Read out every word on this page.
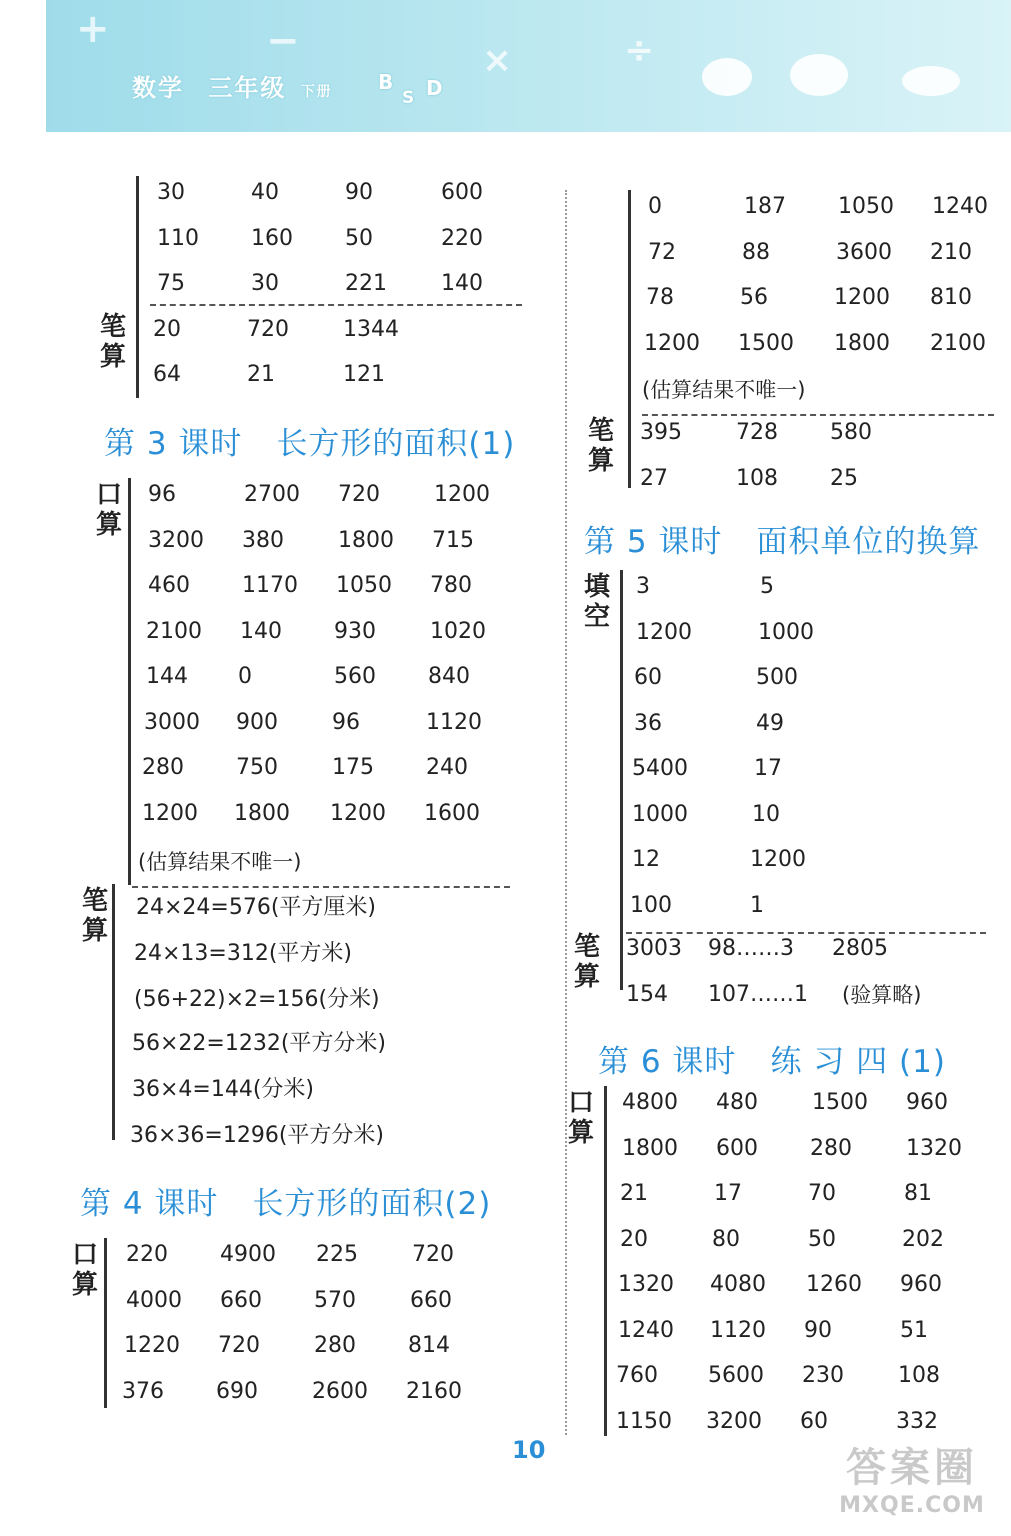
+	−	×	÷
数学 三年级 下册 B
S D
笔算
30	40	90	600
110 160 50	220
75	30	221 140
20	720 1344
64	21	121
第 3 课时 长方形的面积(1)
口算
96	2700 720 1200
3200 380 1800 715
460 1170 1050 780
2100 140 930 1020
144 0	560 840
3000 900 96	1120
280 750 175 240
1200 1800 1200 1600
(估算结果不唯一)
笔算
24×24=576(平方厘米)
24×13=312(平方米)
(56+22)×2=156(分米)
56×22=1232(平方分米)
36×4=144(分米)
36×36=1296(平方分米)
第 4 课时 长方形的面积(2)
口算
220 4900 225 720
4000 660 570 660
1220 720 280 814
376 690 2600 2160
0	187 1050 1240
72	88	3600 210
78	56	1200 810
1200 1500 1800 2100
(估算结果不唯一)
笔算
395 728 580
27	108 25
第 5 课时 面积单位的换算
填空
3	5
1200	1000
60	500
36	49
5400	17
1000	10
12	1200
100	1
笔算
3003 98……3 2805
154 107……1 (验算略)
第 6 课时 练 习 四 (1)
口算
4800 480 1500 960
1800 600 280 1320
21	17	70	81
20	80	50	202
1320 4080 1260 960
1240 1120 90	51
760 5600 230 108
1150 3200 60	332
10	答案圈
MXQE.COM
